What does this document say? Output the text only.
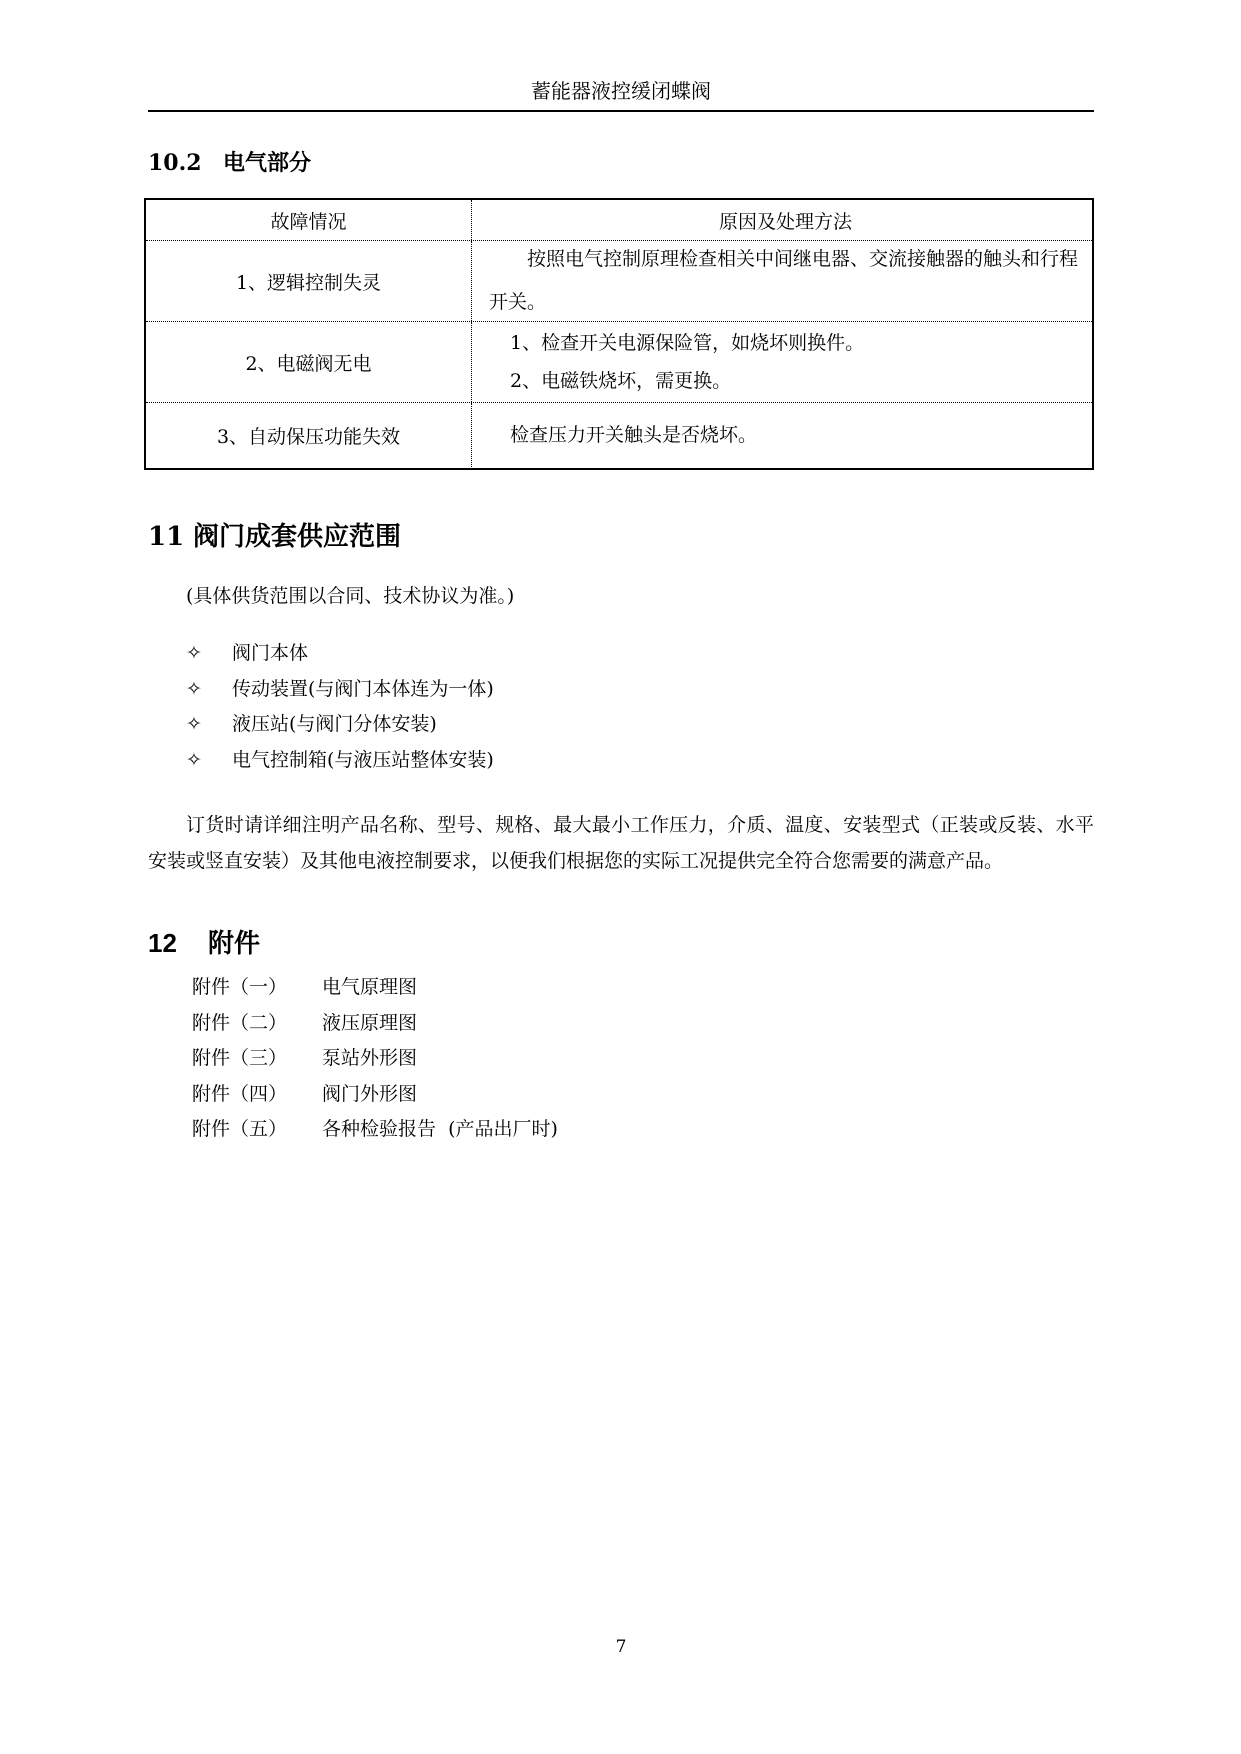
蓄能器液控缓闭蝶阀
10.2 电气部分
故障情况	原因及处理方法
1、逻辑控制失灵

按照电气控制原理检查相关中间继电器、交流接触器的触头和行程开关。

2、电磁阀无电

1、检查开关电源保险管，如烧坏则换件。

2、电磁铁烧坏，需更换。

3、自动保压功能失效	检查压力开关触头是否烧坏。

11 阀门成套供应范围
(具体供货范围以合同、技术协议为准。)
✧ 阀门本体
✧ 传动装置(与阀门本体连为一体)
✧ 液压站(与阀门分体安装)
✧ 电气控制箱(与液压站整体安装)

订货时请详细注明产品名称、型号、规格、最大最小工作压力，介质、温度、安装型式（正装或反装、水平安装或竖直安装）及其他电液控制要求，以便我们根据您的实际工况提供完全符合您需要的满意产品。

12 附件
附件（一） 电气原理图
附件（二） 液压原理图
附件（三） 泵站外形图
附件（四） 阀门外形图
附件（五） 各种检验报告  (产品出厂时)
7
